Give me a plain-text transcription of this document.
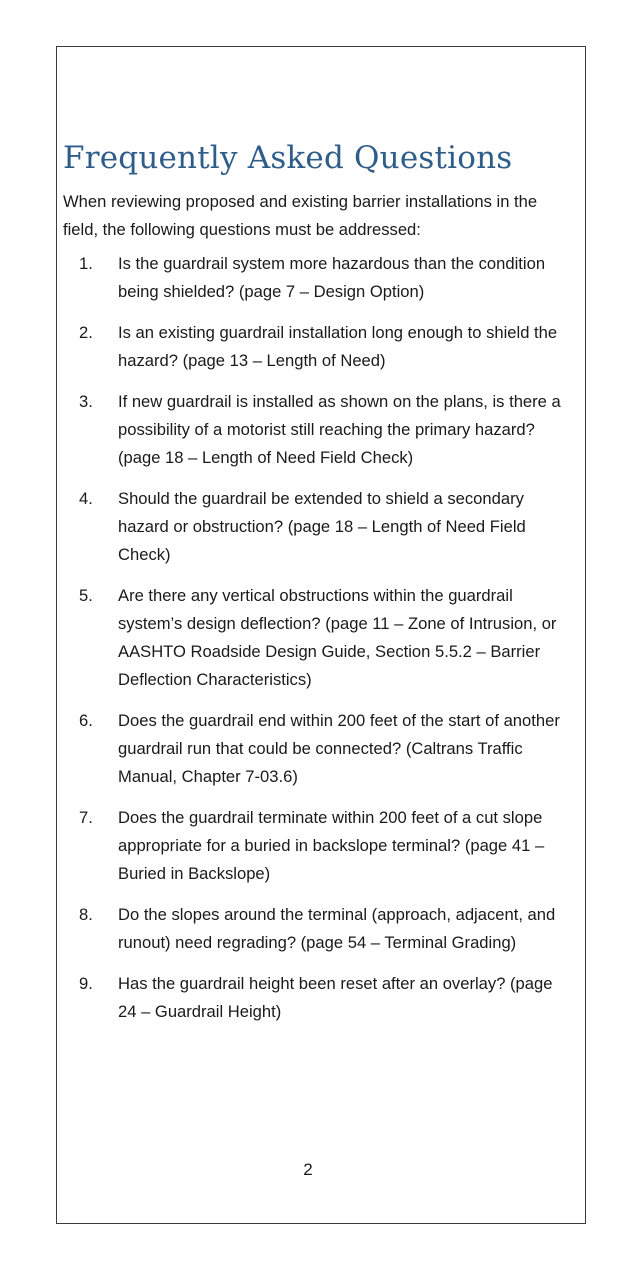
Frequently Asked Questions

When reviewing proposed and existing barrier installations in the field, the following questions must be addressed:

1.	Is the guardrail system more hazardous than the condition being shielded? (page 7 – Design Option)
2.	Is an existing guardrail installation long enough to shield the hazard? (page 13 – Length of Need)
3.	If new guardrail is installed as shown on the plans, is there a possibility of a motorist still reaching the primary hazard? (page 18 – Length of Need Field Check)
4.	Should the guardrail be extended to shield a secondary hazard or obstruction? (page 18 – Length of Need Field Check)
5.	Are there any vertical obstructions within the guardrail system’s design deflection? (page 11 – Zone of Intrusion, or AASHTO Roadside Design Guide, Section 5.5.2 – Barrier Deflection Characteristics)
6.	Does the guardrail end within 200 feet of the start of another guardrail run that could be connected? (Caltrans Traffic Manual, Chapter 7-03.6)
7.	Does the guardrail terminate within 200 feet of a cut slope appropriate for a buried in backslope terminal? (page 41 – Buried in Backslope)
8.	Do the slopes around the terminal (approach, adjacent, and runout) need regrading? (page 54 – Terminal Grading)
9.	Has the guardrail height been reset after an overlay? (page 24 – Guardrail Height)
2
